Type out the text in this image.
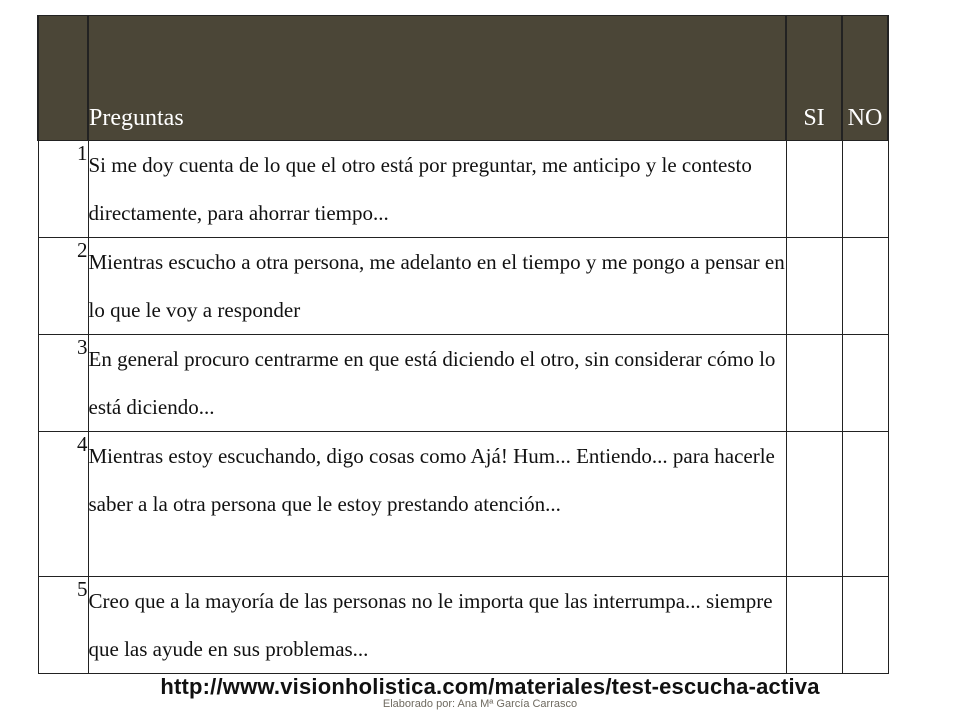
	Preguntas	SI	NO
1	Si me doy cuenta de lo que el otro está por preguntar, me anticipo y le contesto directamente, para ahorrar tiempo...		
2	Mientras escucho a otra persona, me adelanto en el tiempo y me pongo a pensar en lo que le voy a responder		
3	En general procuro centrarme en que está diciendo el otro, sin considerar cómo lo está diciendo...		
4	Mientras estoy escuchando, digo cosas como Ajá! Hum... Entiendo... para hacerle saber a la otra persona que le estoy prestando atención...		
5	Creo que a la mayoría de las personas no le importa que las interrumpa... siempre que las ayude en sus problemas...		
http://www.visionholistica.com/materiales/test-escucha-activa
Elaborado por: Ana Mª García Carrasco
